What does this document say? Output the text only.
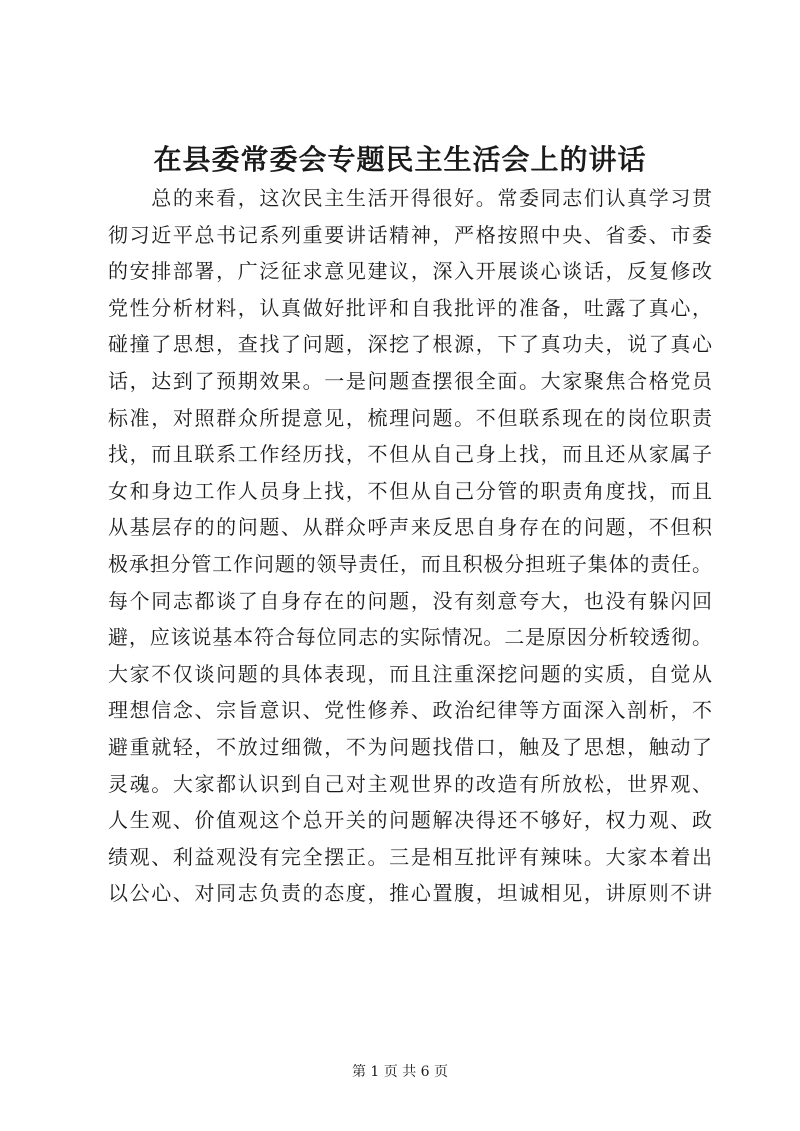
在县委常委会专题民主生活会上的讲话
　　总的来看，这次民主生活开得很好。常委同志们认真学习贯
彻习近平总书记系列重要讲话精神，严格按照中央、省委、市委
的安排部署，广泛征求意见建议，深入开展谈心谈话，反复修改
党性分析材料，认真做好批评和自我批评的准备，吐露了真心，
碰撞了思想，查找了问题，深挖了根源，下了真功夫，说了真心
话，达到了预期效果。一是问题查摆很全面。大家聚焦合格党员
标准，对照群众所提意见，梳理问题。不但联系现在的岗位职责
找，而且联系工作经历找，不但从自己身上找，而且还从家属子
女和身边工作人员身上找，不但从自己分管的职责角度找，而且
从基层存的的问题、从群众呼声来反思自身存在的问题，不但积
极承担分管工作问题的领导责任，而且积极分担班子集体的责任。
每个同志都谈了自身存在的问题，没有刻意夸大，也没有躲闪回
避，应该说基本符合每位同志的实际情况。二是原因分析较透彻。
大家不仅谈问题的具体表现，而且注重深挖问题的实质，自觉从
理想信念、宗旨意识、党性修养、政治纪律等方面深入剖析，不
避重就轻，不放过细微，不为问题找借口，触及了思想，触动了
灵魂。大家都认识到自己对主观世界的改造有所放松，世界观、
人生观、价值观这个总开关的问题解决得还不够好，权力观、政
绩观、利益观没有完全摆正。三是相互批评有辣味。大家本着出
以公心、对同志负责的态度，推心置腹，坦诚相见，讲原则不讲
第 1 页 共 6 页
